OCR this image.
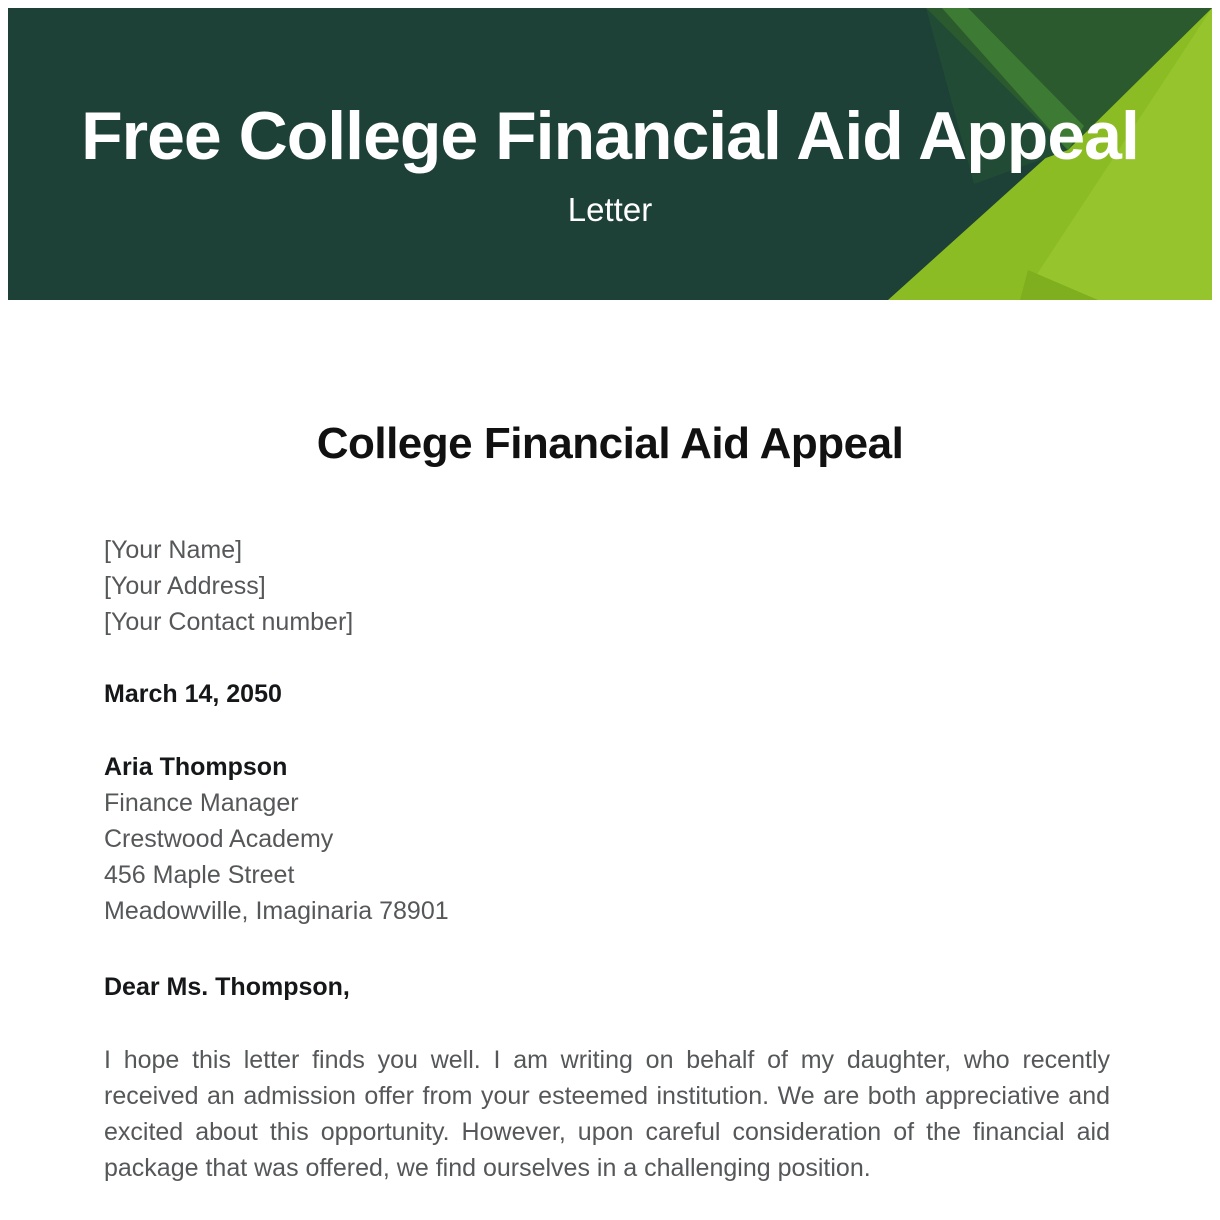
Free College Financial Aid Appeal
Letter
College Financial Aid Appeal
[Your Name]
[Your Address]
[Your Contact number]
March 14, 2050
Aria Thompson
Finance Manager
Crestwood Academy
456 Maple Street
Meadowville, Imaginaria 78901
Dear Ms. Thompson,

I hope this letter finds you well. I am writing on behalf of my daughter, who recently received an admission offer from your esteemed institution. We are both appreciative and excited about this opportunity. However, upon careful consideration of the financial aid package that was offered, we find ourselves in a challenging position.
